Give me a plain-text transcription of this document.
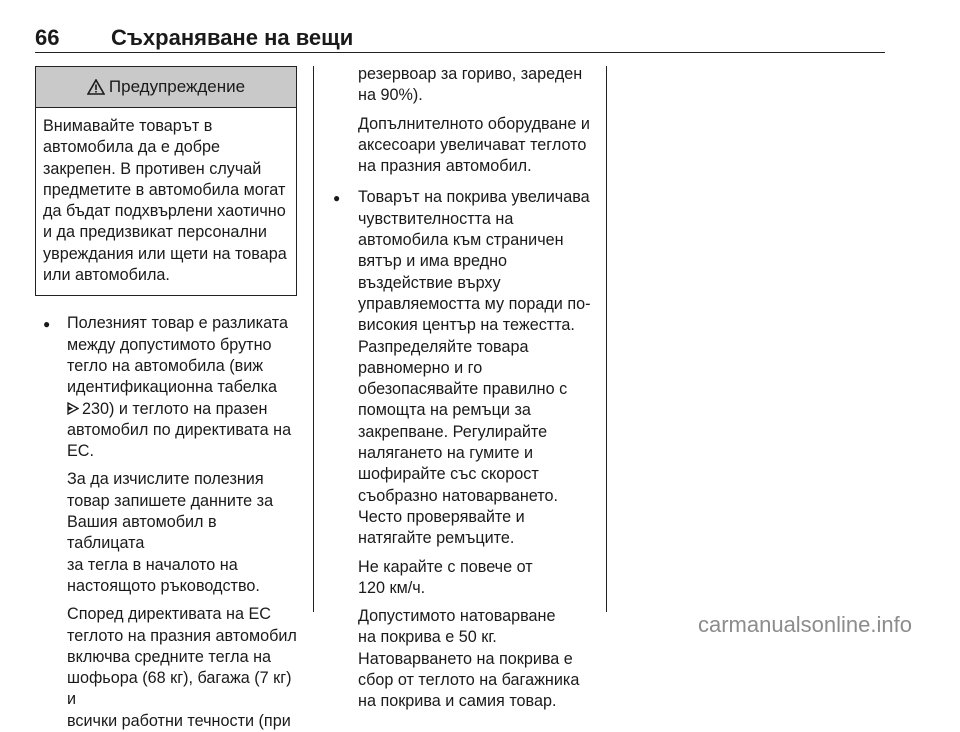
66 Съхраняване на вещи
Предупреждение
Внимавайте товарът в
автомобила да е добре
закрепен. В противен случай
предметите в автомобила могат
да бъдат подхвърлени хаотично
и да предизвикат персонални
увреждания или щети на товара
или автомобила.
●
Полезният товар е разликата
между допустимото брутно
тегло на автомобила (виж
идентификационна табелка
230) и теглото на празен
автомобил по директивата на
ЕС.
За да изчислите полезния
товар запишете данните за
Вашия автомобил в таблицата
за тегла в началото на
настоящото ръководство.
Според директивата на ЕС
теглото на празния автомобил
включва средните тегла на
шофьора (68 кг), багажа (7 кг) и
всички работни течности (при
резервоар за гориво, зареден
на 90%).
Допълнителното оборудване и
аксесоари увеличават теглото
на празния автомобил.
●
Товарът на покрива увеличава
чувствителността на
автомобила към страничен
вятър и има вредно
въздействие върху
управляемостта му поради по-
високия център на тежестта.
Разпределяйте товара
равномерно и го
обезопасявайте правилно с
помощта на ремъци за
закрепване. Регулирайте
налягането на гумите и
шофирайте със скорост
съобразно натоварването.
Често проверявайте и
натягайте ремъците.
Не карайте с повече от
120 км/ч.
Допустимото натоварване
на покрива е 50 кг.
Натоварването на покрива е
сбор от теглото на багажника
на покрива и самия товар.
carmanualsonline.info
